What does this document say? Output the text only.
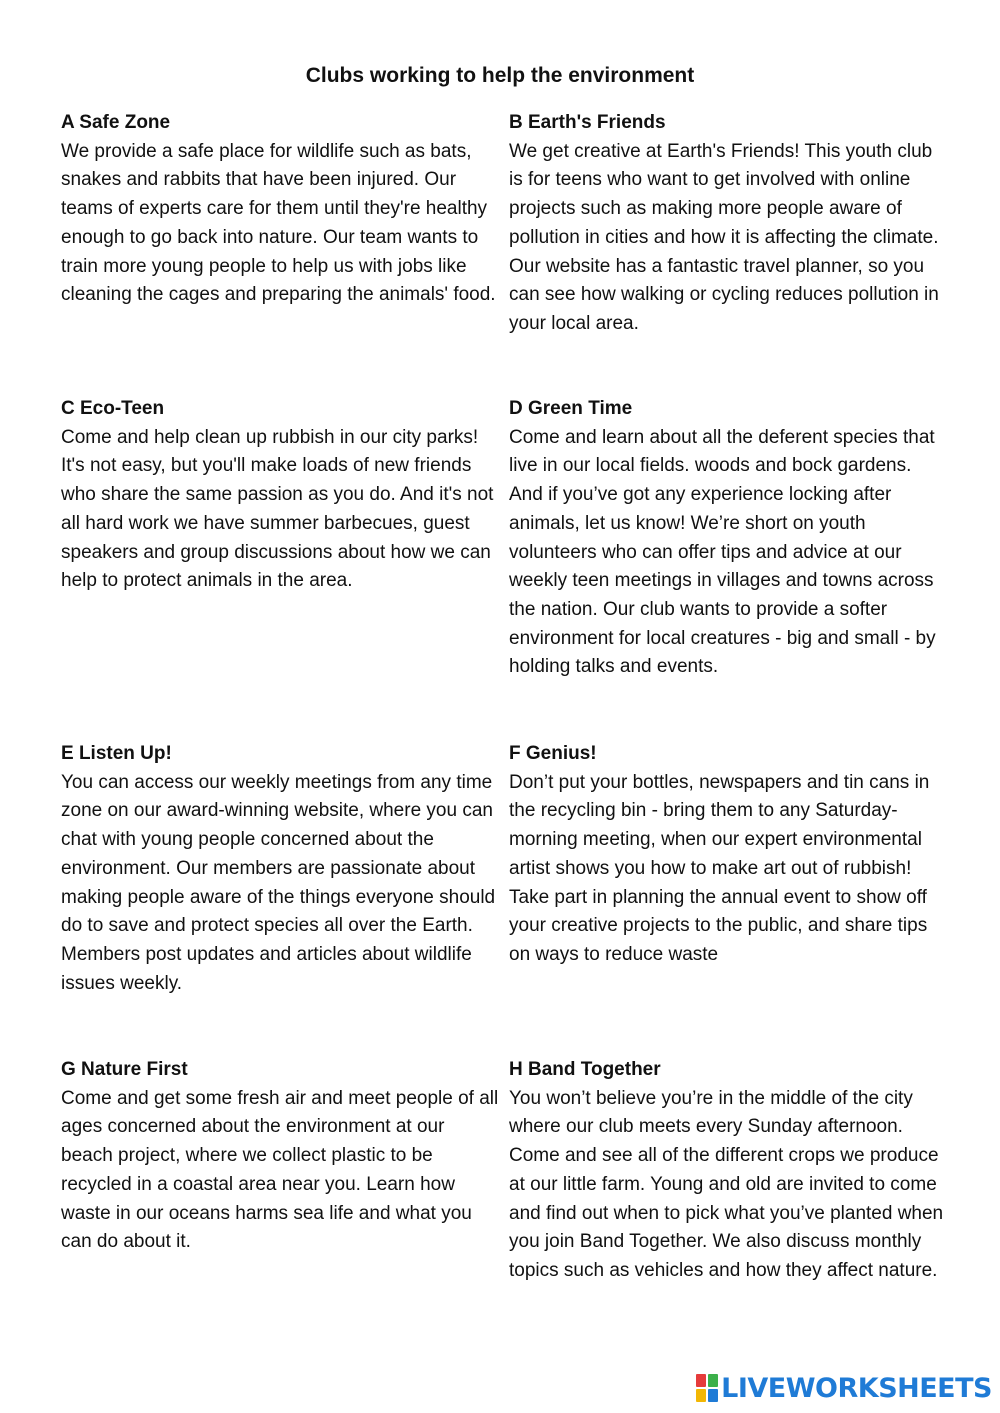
Clubs working to help the environment
A Safe Zone

We provide a safe place for wildlife such as bats, snakes and rabbits that have been injured. Our teams of experts care for them until they're healthy enough to go back into nature. Our team wants to train more young people to help us with jobs like cleaning the cages and preparing the animals' food.

B Earth's Friends

We get creative at Earth's Friends! This youth club is for teens who want to get involved with online projects such as making more people aware of pollution in cities and how it is affecting the climate. Our website has a fantastic travel planner, so you can see how walking or cycling reduces pollution in your local area.

C Eco-Teen

Come and help clean up rubbish in our city parks! It's not easy, but you'll make loads of new friends who share the same passion as you do. And it's not all hard work we have summer barbecues, guest speakers and group discussions about how we can help to protect animals in the area.

D Green Time

Come and learn about all the deferent species that live in our local fields. woods and bock gardens. And if you’ve got any experience locking after animals, let us know! We’re short on youth volunteers who can offer tips and advice at our weekly teen meetings in villages and towns across the nation. Our club wants to provide a softer environment for local creatures - big and small - by holding talks and events.

E Listen Up!

You can access our weekly meetings from any time zone on our award-winning website, where you can chat with young people concerned about the environment. Our members are passionate about making people aware of the things everyone should do to save and protect species all over the Earth. Members post updates and articles about wildlife issues weekly.

F Genius!

Don’t put your bottles, newspapers and tin cans in the recycling bin - bring them to any Saturday-morning meeting, when our expert environmental artist shows you how to make art out of rubbish! Take part in planning the annual event to show off your creative projects to the public, and share tips on ways to reduce waste

G Nature First

Come and get some fresh air and meet people of all ages concerned about the environment at our beach project, where we collect plastic to be recycled in a coastal area near you. Learn how waste in our oceans harms sea life and what you can do about it.

H Band Together

You won’t believe you’re in the middle of the city where our club meets every Sunday afternoon. Come and see all of the different crops we produce at our little farm. Young and old are invited to come and find out when to pick what you’ve planted when you join Band Together. We also discuss monthly topics such as vehicles and how they affect nature.

LIVEWORKSHEETS
